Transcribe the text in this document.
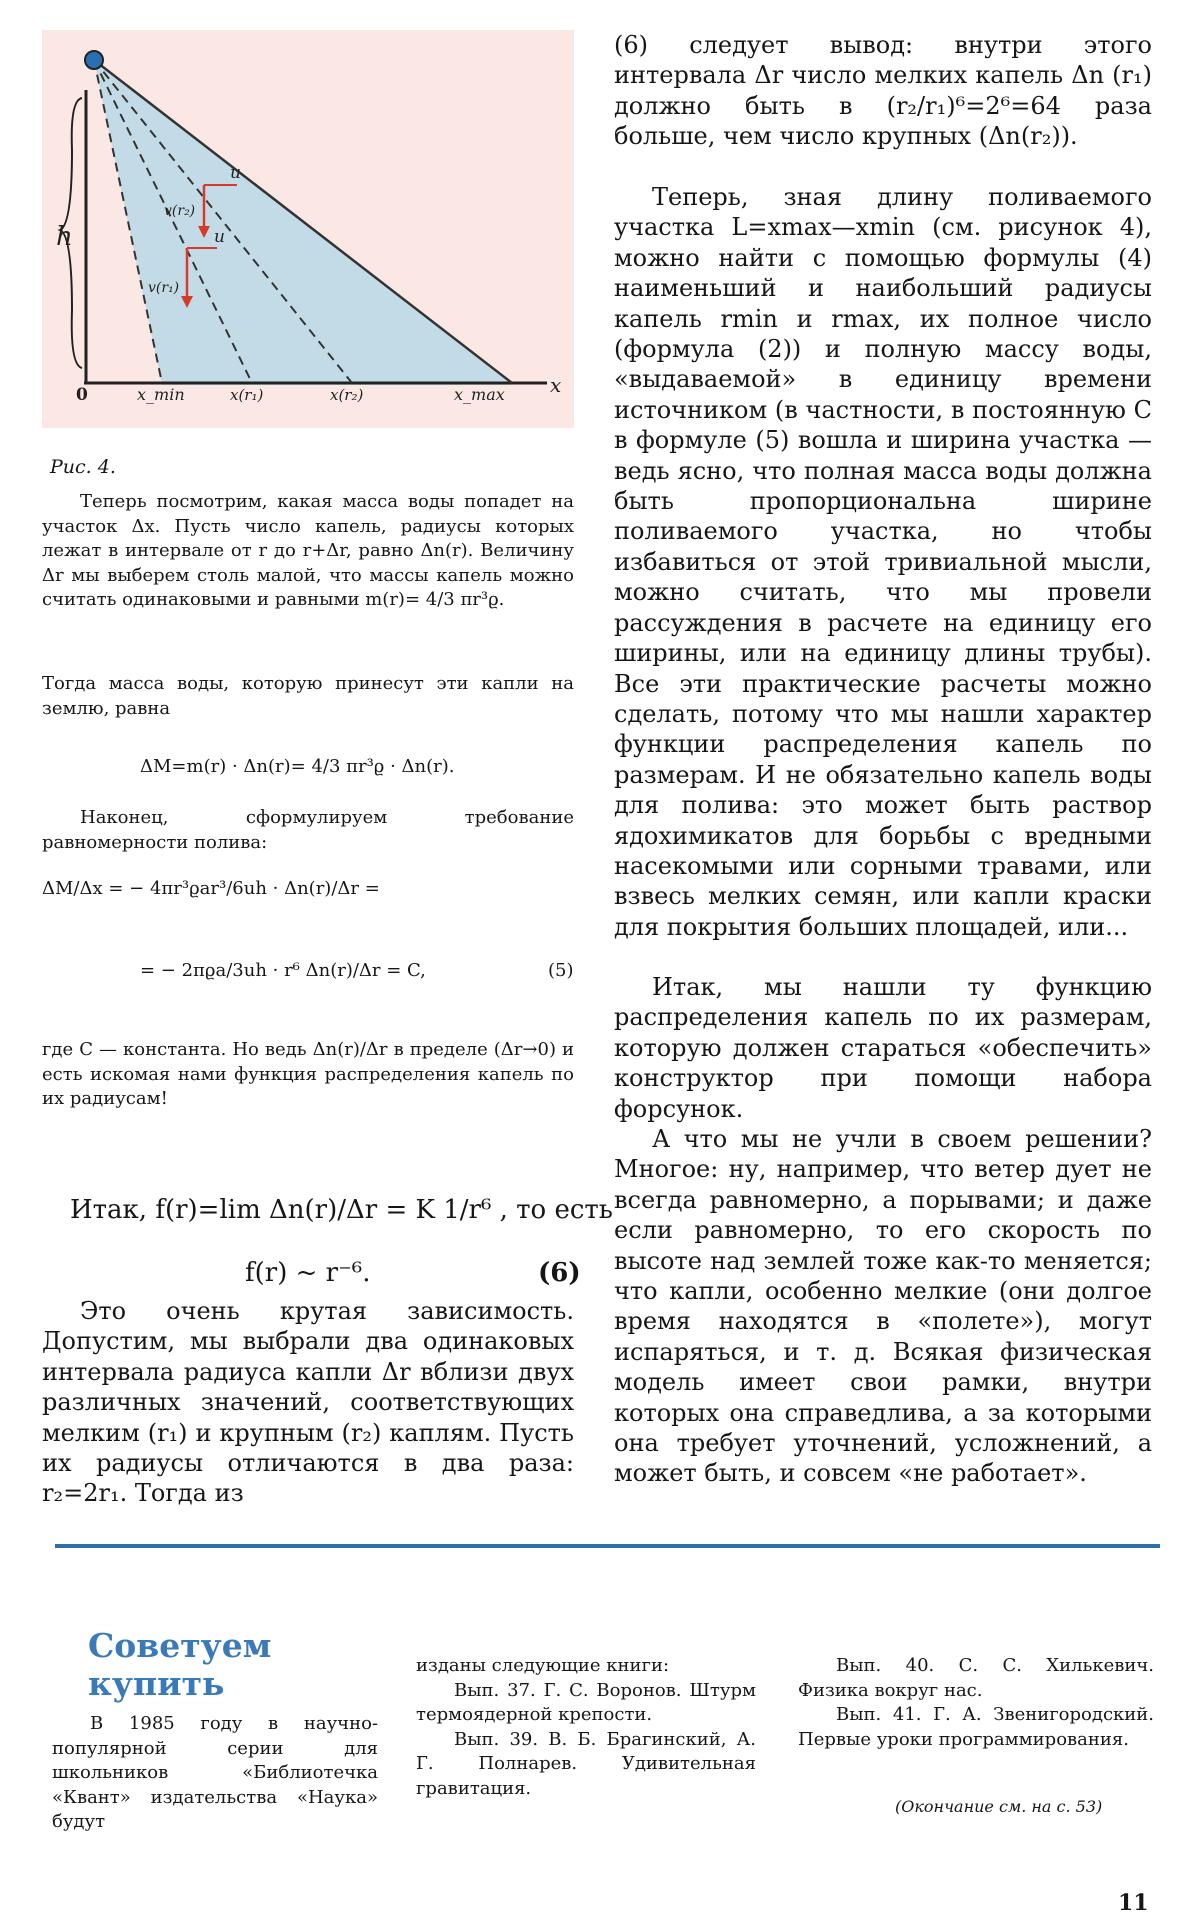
h
u
v(r₂)
u
v(r₁)
0	x_min	x(r₁)	x(r₂)	x_max x
Рис. 4.
Теперь посмотрим, какая масса воды попадет на участок Δx. Пусть число капель, радиусы которых лежат в интервале от r до r+Δr, равно Δn(r). Величину Δr мы выберем столь малой, что массы капель можно считать одинаковыми и равными m(r)= 4/3 πr³ϱ.
Тогда масса воды, которую принесут эти капли на землю, равна
ΔM=m(r) · Δn(r)= 4/3 πr³ϱ · Δn(r).
Наконец, сформулируем требование равномерности полива:
ΔM/Δx = − 4πr³ϱar³/6uh · Δn(r)/Δr =
= − 2πϱa/3uh · r⁶ Δn(r)/Δr = C,	(5)
где C — константа. Но ведь Δn(r)/Δr в пределе (Δr→0) и есть искомая нами функция распределения капель по их радиусам!
Итак, f(r)=lim Δn(r)/Δr = K 1/r⁶ , то есть
f(r) ~ r⁻⁶.	(6)
Это очень крутая зависимость. Допустим, мы выбрали два одинаковых интервала радиуса капли Δr вблизи двух различных значений, соответствующих мелким (r₁) и крупным (r₂) каплям. Пусть их радиусы отличаются в два раза: r₂=2r₁. Тогда из
(6) следует вывод: внутри этого интервала Δr число мелких капель Δn (r₁) должно быть в (r₂/r₁)⁶=2⁶=64 раза больше, чем число крупных (Δn(r₂)).
Теперь, зная длину поливаемого участка L=xmax—xmin (см. рисунок 4), можно найти с помощью формулы (4) наименьший и наибольший радиусы капель rmin и rmax, их полное число (формула (2)) и полную массу воды, «выдаваемой» в единицу времени источником (в частности, в постоянную C в формуле (5) вошла и ширина участка — ведь ясно, что полная масса воды должна быть пропорциональна ширине поливаемого участка, но чтобы избавиться от этой тривиальной мысли, можно считать, что мы провели рассуждения в расчете на единицу его ширины, или на единицу длины трубы). Все эти практические расчеты можно сделать, потому что мы нашли характер функции распределения капель по размерам. И не обязательно капель воды для полива: это может быть раствор ядохимикатов для борьбы с вредными насекомыми или сорными травами, или взвесь мелких семян, или капли краски для покрытия больших площадей, или...
Итак, мы нашли ту функцию распределения капель по их размерам, которую должен стараться «обеспечить» конструктор при помощи набора форсунок.
А что мы не учли в своем решении? Многое: ну, например, что ветер дует не всегда равномерно, а порывами; и даже если равномерно, то его скорость по высоте над землей тоже как-то меняется; что капли, особенно мелкие (они долгое время находятся в «полете»), могут испаряться, и т. д. Всякая физическая модель имеет свои рамки, внутри которых она справедлива, а за которыми она требует уточнений, усложнений, а может быть, и совсем «не работает».
Советуем
купить
В 1985 году в научно-популярной серии для школьников «Библиотечка «Квант» издательства «Наука» будут

изданы следующие книги:

Вып. 37. Г. С. Воронов. Штурм термоядерной крепости.

Вып. 39. В. Б. Брагинский, А. Г. Полнарев. Удивительная гравитация.

Вып. 40. С. С. Хилькевич. Физика вокруг нас.

Вып. 41. Г. А. Звенигородский. Первые уроки программирования.

(Окончание см. на с. 53)
11
